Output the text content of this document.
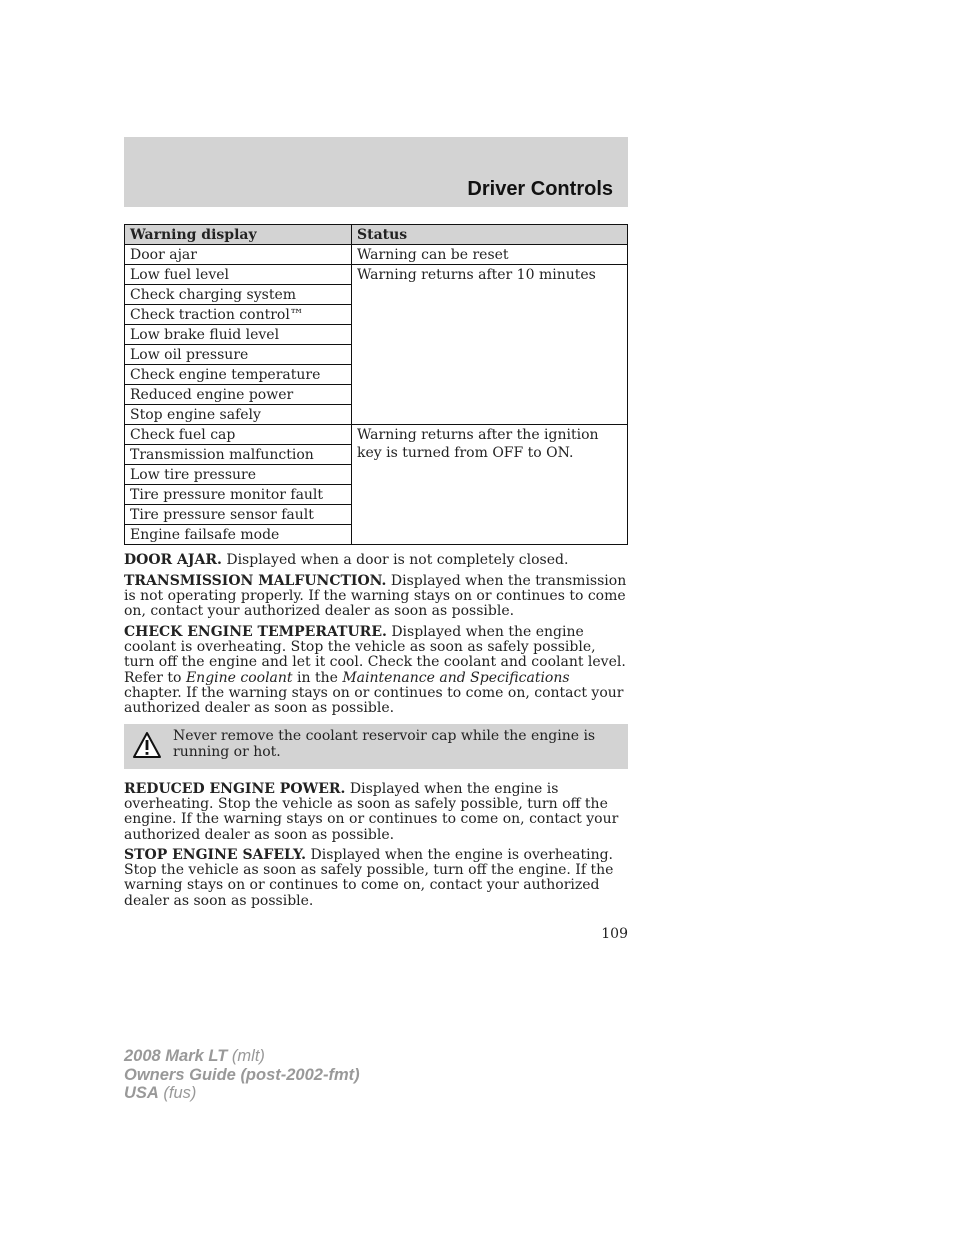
Driver Controls
Warning display	Status
Door ajar	Warning can be reset
Low fuel level	Warning returns after 10 minutes
Check charging system	
Check traction control™	
Low brake fluid level	
Low oil pressure	
Check engine temperature	
Reduced engine power	
Stop engine safely	
Check fuel cap	Warning returns after the ignition key is turned from OFF to ON.
Transmission malfunction	
Low tire pressure	
Tire pressure monitor fault	
Tire pressure sensor fault	
Engine failsafe mode	

DOOR AJAR. Displayed when a door is not completely closed.

TRANSMISSION MALFUNCTION. Displayed when the transmission is not operating properly. If the warning stays on or continues to come on, contact your authorized dealer as soon as possible.

CHECK ENGINE TEMPERATURE. Displayed when the engine coolant is overheating. Stop the vehicle as soon as safely possible, turn off the engine and let it cool. Check the coolant and coolant level. Refer to Engine coolant in the Maintenance and Specifications chapter. If the warning stays on or continues to come on, contact your authorized dealer as soon as possible.

Never remove the coolant reservoir cap while the engine is running or hot.

REDUCED ENGINE POWER. Displayed when the engine is overheating. Stop the vehicle as soon as safely possible, turn off the engine. If the warning stays on or continues to come on, contact your authorized dealer as soon as possible.

STOP ENGINE SAFELY. Displayed when the engine is overheating. Stop the vehicle as soon as safely possible, turn off the engine. If the warning stays on or continues to come on, contact your authorized dealer as soon as possible.

109
2008 Mark LT (mlt)
Owners Guide (post-2002-fmt)
USA (fus)
